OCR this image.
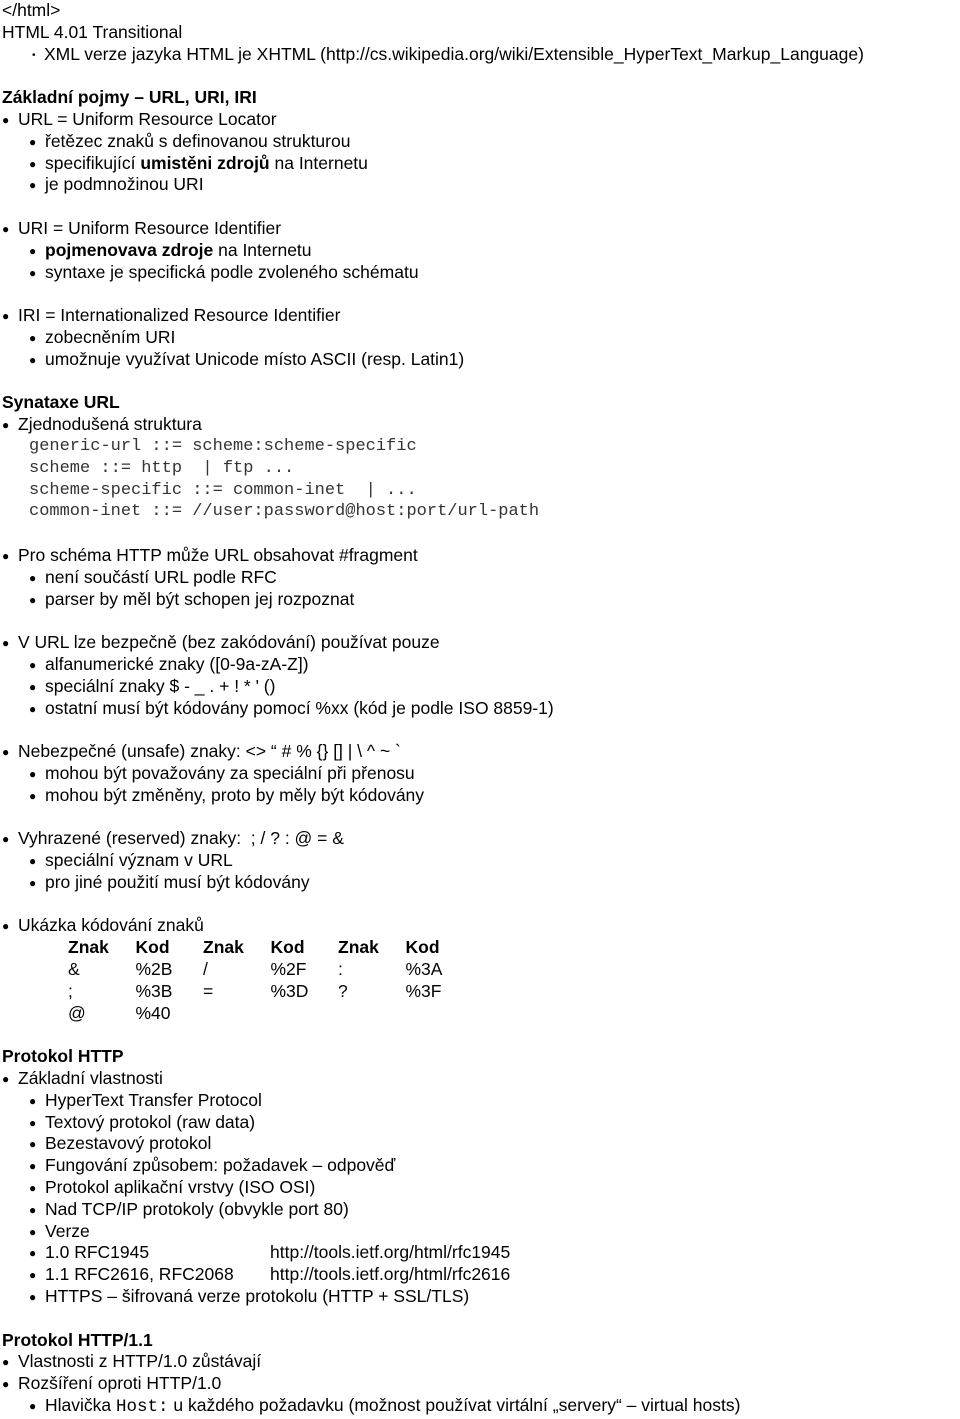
</html>
HTML 4.01 Transitional
• XML verze jazyka HTML je XHTML (http://cs.wikipedia.org/wiki/Extensible_HyperText_Markup_Language)
Základní pojmy – URL, URI, IRI
● URL = Uniform Resource Locator
● řetězec znaků s definovanou strukturou
● specifikující umistěni zdrojů na Internetu
● je podmnožinou URI
● URI = Uniform Resource Identifier
● pojmenovava zdroje na Internetu
● syntaxe je specifická podle zvoleného schématu
● IRI = Internationalized Resource Identifier
● zobecněním URI
● umožnuje využívat Unicode místo ASCII (resp. Latin1)
Synataxe URL
● Zjednodušená struktura
generic-url ::= scheme:scheme-specific
scheme ::= http  | ftp ...
scheme-specific ::= common-inet  | ...
common-inet ::= //user:password@host:port/url-path
● Pro schéma HTTP může URL obsahovat #fragment
● není součástí URL podle RFC
● parser by měl být schopen jej rozpoznat
● V URL lze bezpečně (bez zakódování) používat pouze
● alfanumerické znaky ([0-9a-zA-Z])
● speciální znaky $ - _ . + ! * ' ()
● ostatní musí být kódovány pomocí %xx (kód je podle ISO 8859-1)
● Nebezpečné (unsafe) znaky: <> “ # % {} [] | \ ^ ~ `
● mohou být považovány za speciální při přenosu
● mohou být změněny, proto by měly být kódovány
● Vyhrazené (reserved) znaky:  ; / ? : @ = &
● speciální význam v URL
● pro jiné použití musí být kódovány
● Ukázka kódování znaků
Znak	Kod	Znak	Kod	Znak	Kod
&	%2B	/	%2F	:	%3A
;	%3B	=	%3D	?	%3F
@	%40				
Protokol HTTP
● Základní vlastnosti
● HyperText Transfer Protocol
● Textový protokol (raw data)
● Bezestavový protokol
● Fungování způsobem: požadavek – odpověď
● Protokol aplikační vrstvy (ISO OSI)
● Nad TCP/IP protokoly (obvykle port 80)
● Verze
● 1.0 RFC1945	http://tools.ietf.org/html/rfc1945
● 1.1 RFC2616, RFC2068 http://tools.ietf.org/html/rfc2616
● HTTPS – šifrovaná verze protokolu (HTTP + SSL/TLS)
Protokol HTTP/1.1
● Vlastnosti z HTTP/1.0 zůstávají
● Rozšíření oproti HTTP/1.0
● Hlavička Host: u každého požadavku (možnost používat virtální „servery“ – virtual hosts)
